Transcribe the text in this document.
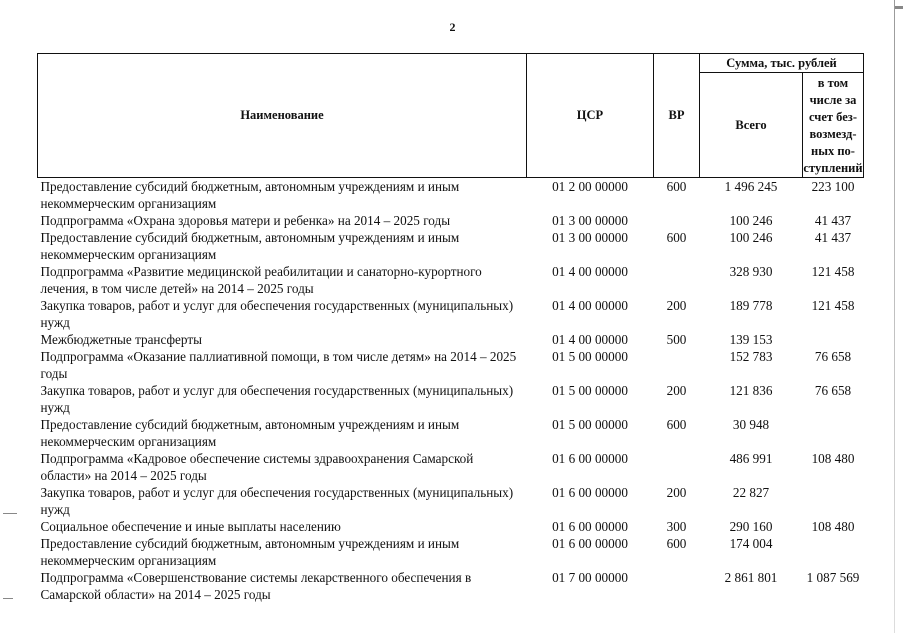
2
Наименование	ЦСР	ВР	Сумма, тыс. рублей	
			Всего	в том числе за счет без-возмезд-ных по-ступлений
Предоставление субсидий бюджетным, автономным учреждениям и иным некоммерческим организациям	01 2 00 00000	600	1 496 245	223 100
Подпрограмма «Охрана здоровья матери и ребенка» на 2014 – 2025 годы	01 3 00 00000		100 246	41 437
Предоставление субсидий бюджетным, автономным учреждениям и иным некоммерческим организациям	01 3 00 00000	600	100 246	41 437
Подпрограмма «Развитие медицинской реабилитации и санаторно-курортного лечения, в том числе детей» на 2014 – 2025 годы	01 4 00 00000		328 930	121 458
Закупка товаров, работ и услуг для обеспечения государственных (муниципальных) нужд	01 4 00 00000	200	189 778	121 458
Межбюджетные трансферты	01 4 00 00000	500	139 153	
Подпрограмма «Оказание паллиативной помощи, в том числе детям» на 2014 – 2025 годы	01 5 00 00000		152 783	76 658
Закупка товаров, работ и услуг для обеспечения государственных (муниципальных) нужд	01 5 00 00000	200	121 836	76 658
Предоставление субсидий бюджетным, автономным учреждениям и иным некоммерческим организациям	01 5 00 00000	600	30 948	
Подпрограмма «Кадровое обеспечение системы здравоохранения Самарской области» на 2014 – 2025 годы	01 6 00 00000		486 991	108 480
Закупка товаров, работ и услуг для обеспечения государственных (муниципальных) нужд	01 6 00 00000	200	22 827	
Социальное обеспечение и иные выплаты населению	01 6 00 00000	300	290 160	108 480
Предоставление субсидий бюджетным, автономным учреждениям и иным некоммерческим организациям	01 6 00 00000	600	174 004	
Подпрограмма «Совершенствование системы лекарственного обеспечения в Самарской области» на 2014 – 2025 годы	01 7 00 00000		2 861 801	1 087 569
